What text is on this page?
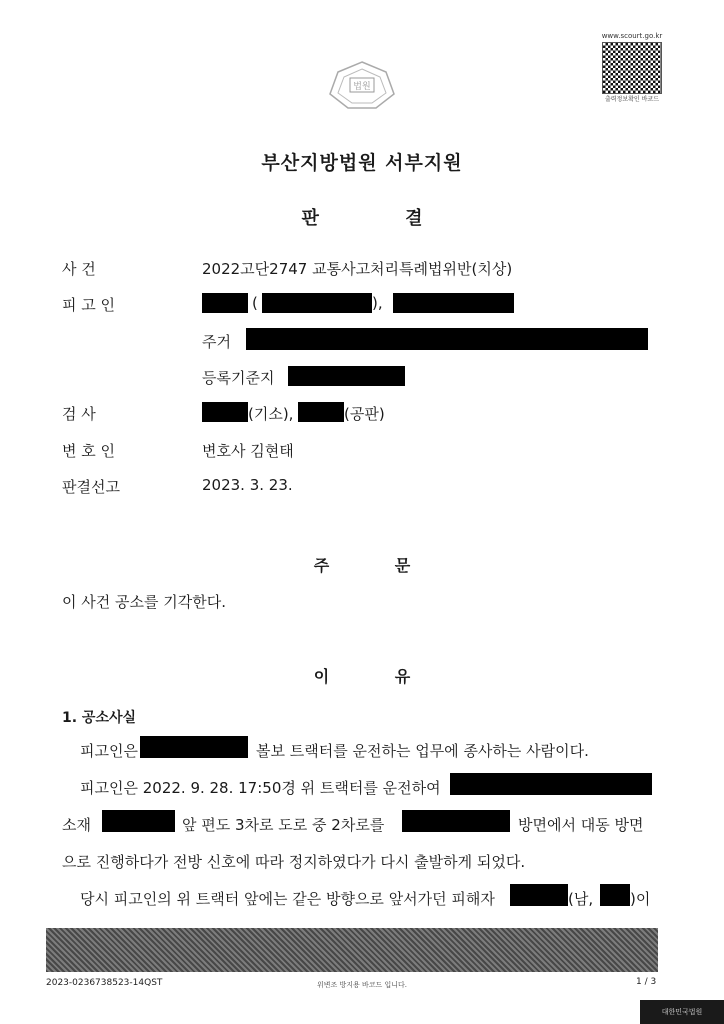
www.scourt.go.kr
출력정보확인 바코드
법원
부산지방법원 서부지원
판 결
사 건	2022고단2747 교통사고처리특례법위반(치상)
피 고 인	(	),
주거
등록기준지
검 사	(기소),	(공판)
변 호 인	변호사 김현태
판결선고	2023. 3. 23.
주 문
이 사건 공소를 기각한다.
이 유
1. 공소사실
피고인은	볼보 트랙터를 운전하는 업무에 종사하는 사람이다.
피고인은 2022. 9. 28. 17:50경 위 트랙터를 운전하여
소재	앞 편도 3차로 도로 중 2차로를	방면에서 대동 방면
으로 진행하다가 전방 신호에 따라 정지하였다가 다시 출발하게 되었다.
당시 피고인의 위 트랙터 앞에는 같은 방향으로 앞서가던 피해자	(남, )이
2023-0236738523-14QST	위변조 방지용 바코드 입니다.	1 / 3
대한민국법원
